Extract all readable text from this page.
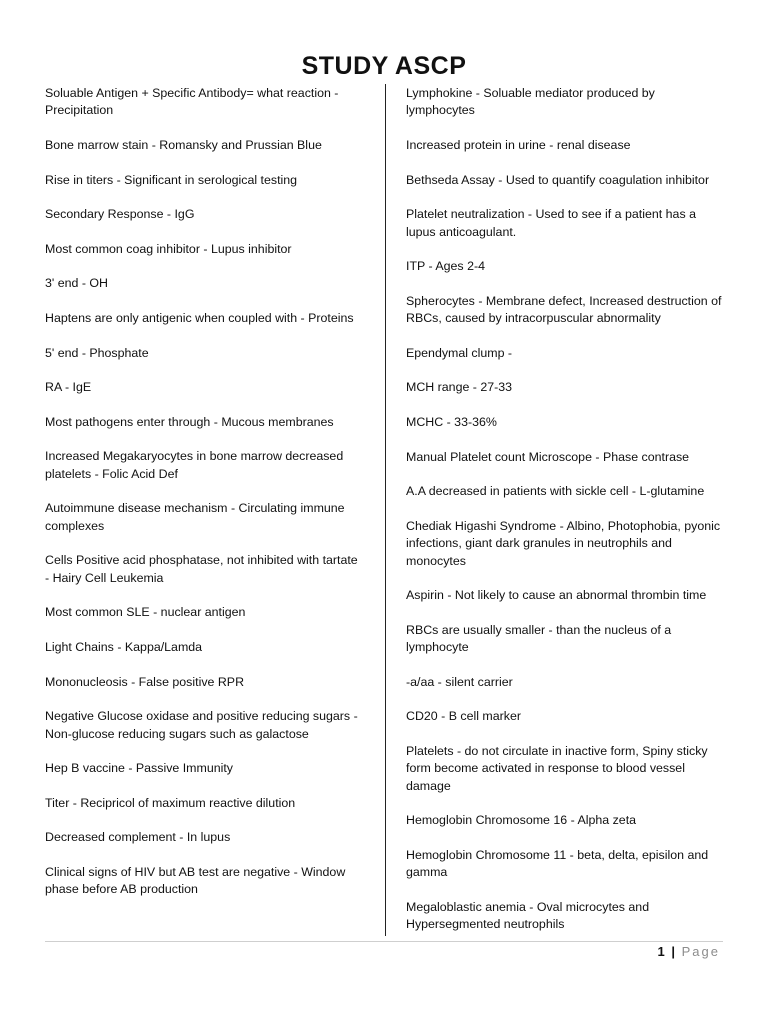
STUDY ASCP
Soluable Antigen + Specific Antibody= what reaction - Precipitation
Bone marrow stain - Romansky and Prussian Blue
Rise in titers - Significant in serological testing
Secondary Response - IgG
Most common coag inhibitor - Lupus inhibitor
3' end - OH
Haptens are only antigenic when coupled with - Proteins
5' end - Phosphate
RA - IgE
Most pathogens enter through - Mucous membranes
Increased Megakaryocytes in bone marrow decreased platelets - Folic Acid Def
Autoimmune disease mechanism - Circulating immune complexes
Cells Positive acid phosphatase, not inhibited with tartate - Hairy Cell Leukemia
Most common SLE - nuclear antigen
Light Chains - Kappa/Lamda
Mononucleosis - False positive RPR
Negative Glucose oxidase and positive reducing sugars - Non-glucose reducing sugars such as galactose
Hep B vaccine - Passive Immunity
Titer - Recipricol of maximum reactive dilution
Decreased complement - In lupus
Clinical signs of HIV but AB test are negative - Window phase before AB production
Lymphokine - Soluable mediator produced by lymphocytes
Increased protein in urine - renal disease
Bethseda Assay - Used to quantify coagulation inhibitor
Platelet neutralization - Used to see if a patient has a lupus anticoagulant.
ITP - Ages 2-4
Spherocytes - Membrane defect, Increased destruction of RBCs, caused by intracorpuscular abnormality
Ependymal clump -
MCH range - 27-33
MCHC - 33-36%
Manual Platelet count Microscope - Phase contrase
A.A decreased in patients with sickle cell - L-glutamine
Chediak Higashi Syndrome - Albino, Photophobia, pyonic infections, giant dark granules in neutrophils and monocytes
Aspirin - Not likely to cause an abnormal thrombin time
RBCs are usually smaller - than the nucleus of a lymphocyte
-a/aa - silent carrier
CD20 - B cell marker
Platelets - do not circulate in inactive form, Spiny sticky form become activated in response to blood vessel damage
Hemoglobin Chromosome 16 - Alpha zeta
Hemoglobin Chromosome 11 - beta, delta, episilon and gamma
Megaloblastic anemia - Oval microcytes and Hypersegmented neutrophils
1 | Page
